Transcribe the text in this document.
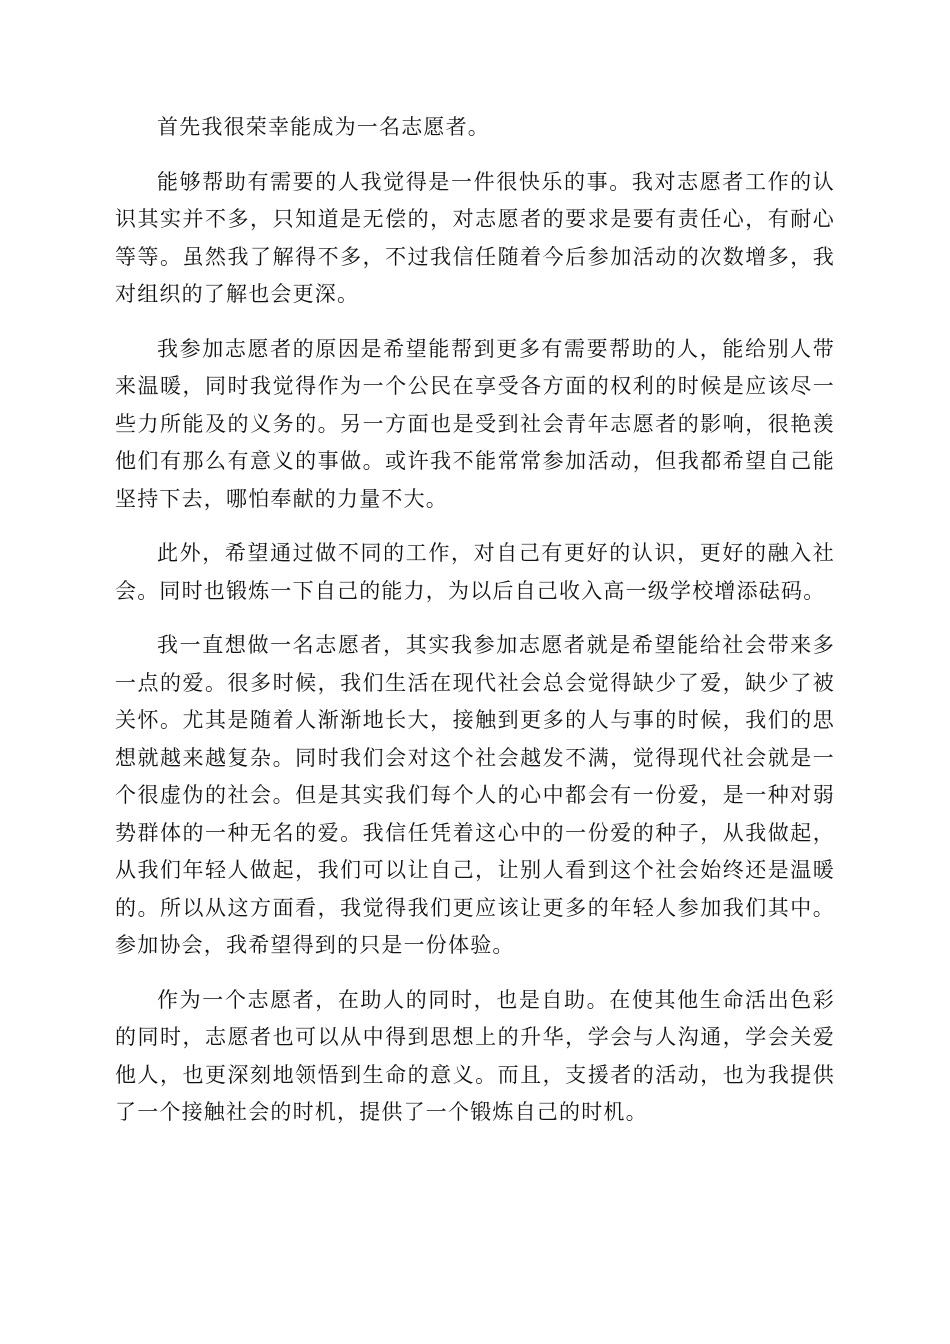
首先我很荣幸能成为一名志愿者。

能够帮助有需要的人我觉得是一件很快乐的事。我对志愿者工作的认识其实并不多，只知道是无偿的，对志愿者的要求是要有责任心，有耐心等等。虽然我了解得不多，不过我信任随着今后参加活动的次数增多，我对组织的了解也会更深。

我参加志愿者的原因是希望能帮到更多有需要帮助的人，能给别人带来温暖，同时我觉得作为一个公民在享受各方面的权利的时候是应该尽一些力所能及的义务的。另一方面也是受到社会青年志愿者的影响，很艳羡他们有那么有意义的事做。或许我不能常常参加活动，但我都希望自己能坚持下去，哪怕奉献的力量不大。

此外，希望通过做不同的工作，对自己有更好的认识，更好的融入社会。同时也锻炼一下自己的能力，为以后自己收入高一级学校增添砝码。

我一直想做一名志愿者，其实我参加志愿者就是希望能给社会带来多一点的爱。很多时候，我们生活在现代社会总会觉得缺少了爱，缺少了被关怀。尤其是随着人渐渐地长大，接触到更多的人与事的时候，我们的思想就越来越复杂。同时我们会对这个社会越发不满，觉得现代社会就是一个很虚伪的社会。但是其实我们每个人的心中都会有一份爱，是一种对弱势群体的一种无名的爱。我信任凭着这心中的一份爱的种子，从我做起，从我们年轻人做起，我们可以让自己，让别人看到这个社会始终还是温暖的。所以从这方面看，我觉得我们更应该让更多的年轻人参加我们其中。参加协会，我希望得到的只是一份体验。

作为一个志愿者，在助人的同时，也是自助。在使其他生命活出色彩的同时，志愿者也可以从中得到思想上的升华，学会与人沟通，学会关爱他人，也更深刻地领悟到生命的意义。而且，支援者的活动，也为我提供了一个接触社会的时机，提供了一个锻炼自己的时机。
